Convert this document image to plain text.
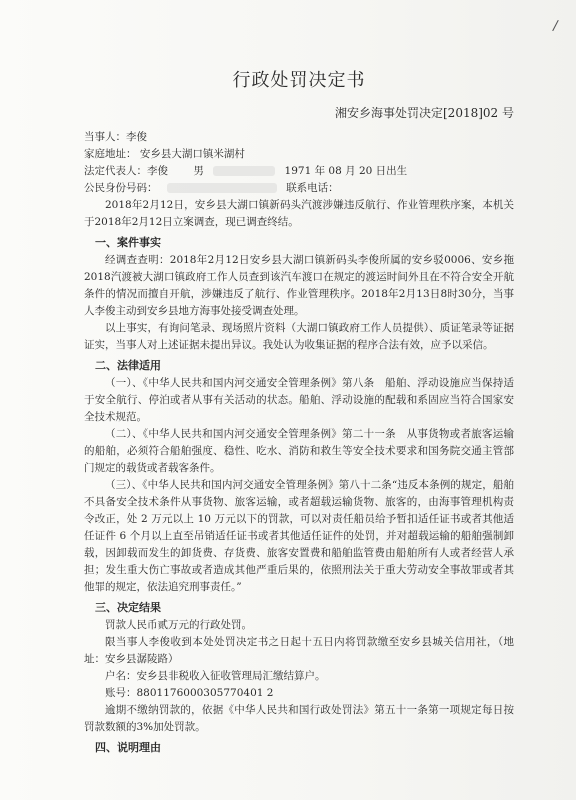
/
行政处罚决定书
湘安乡海事处罚决定[2018]02 号

当事人：李俊

家庭地址： 安乡县大湖口镇米湖村

法定代表人：李俊 男	1971 年 08 月 20 日出生

公民身份号码：	联系电话：

2018年2月12日，安乡县大湖口镇新码头汽渡涉嫌违反航行、作业管理秩序案，本机关于2018年2月12日立案调查，现已调查终结。

一、案件事实

经调查查明：2018年2月12日安乡县大湖口镇新码头李俊所属的安乡驳0006、安乡拖2018汽渡被大湖口镇政府工作人员查到该汽车渡口在规定的渡运时间外且在不符合安全开航条件的情况而擅自开航，涉嫌违反了航行、作业管理秩序。2018年2月13日8时30分，当事人李俊主动到安乡县地方海事处接受调查处理。

以上事实，有询问笔录、现场照片资料（大湖口镇政府工作人员提供）、质证笔录等证据证实，当事人对上述证据未提出异议。我处认为收集证据的程序合法有效，应予以采信。

二、法律适用

（一）、《中华人民共和国内河交通安全管理条例》第八条　船舶、浮动设施应当保持适于安全航行、停泊或者从事有关活动的状态。船舶、浮动设施的配载和系固应当符合国家安全技术规范。

（二）、《中华人民共和国内河交通安全管理条例》第二十一条　从事货物或者旅客运输的船舶，必须符合船舶强度、稳性、吃水、消防和救生等安全技术要求和国务院交通主管部门规定的载货或者载客条件。

（三）、《中华人民共和国内河交通安全管理条例》第八十二条“违反本条例的规定，船舶不具备安全技术条件从事货物、旅客运输，或者超载运输货物、旅客的，由海事管理机构责令改正，处 2 万元以上 10 万元以下的罚款，可以对责任船员给予暂扣适任证书或者其他适任证件 6 个月以上直至吊销适任证书或者其他适任证件的处罚，并对超载运输的船舶强制卸载，因卸载而发生的卸货费、存货费、旅客安置费和船舶监管费由船舶所有人或者经营人承担；发生重大伤亡事故或者造成其他严重后果的，依照刑法关于重大劳动安全事故罪或者其他罪的规定，依法追究刑事责任。”

三、决定结果

罚款人民币贰万元的行政处罚。

限当事人李俊收到本处处罚决定书之日起十五日内将罚款缴至安乡县城关信用社，（地址：安乡县潺陵路）

户名：安乡县非税收入征收管理局汇缴结算户。

账号：8801176000305770401 2

逾期不缴纳罚款的，依据《中华人民共和国行政处罚法》第五十一条第一项规定每日按罚款数额的3%加处罚款。

四、说明理由
